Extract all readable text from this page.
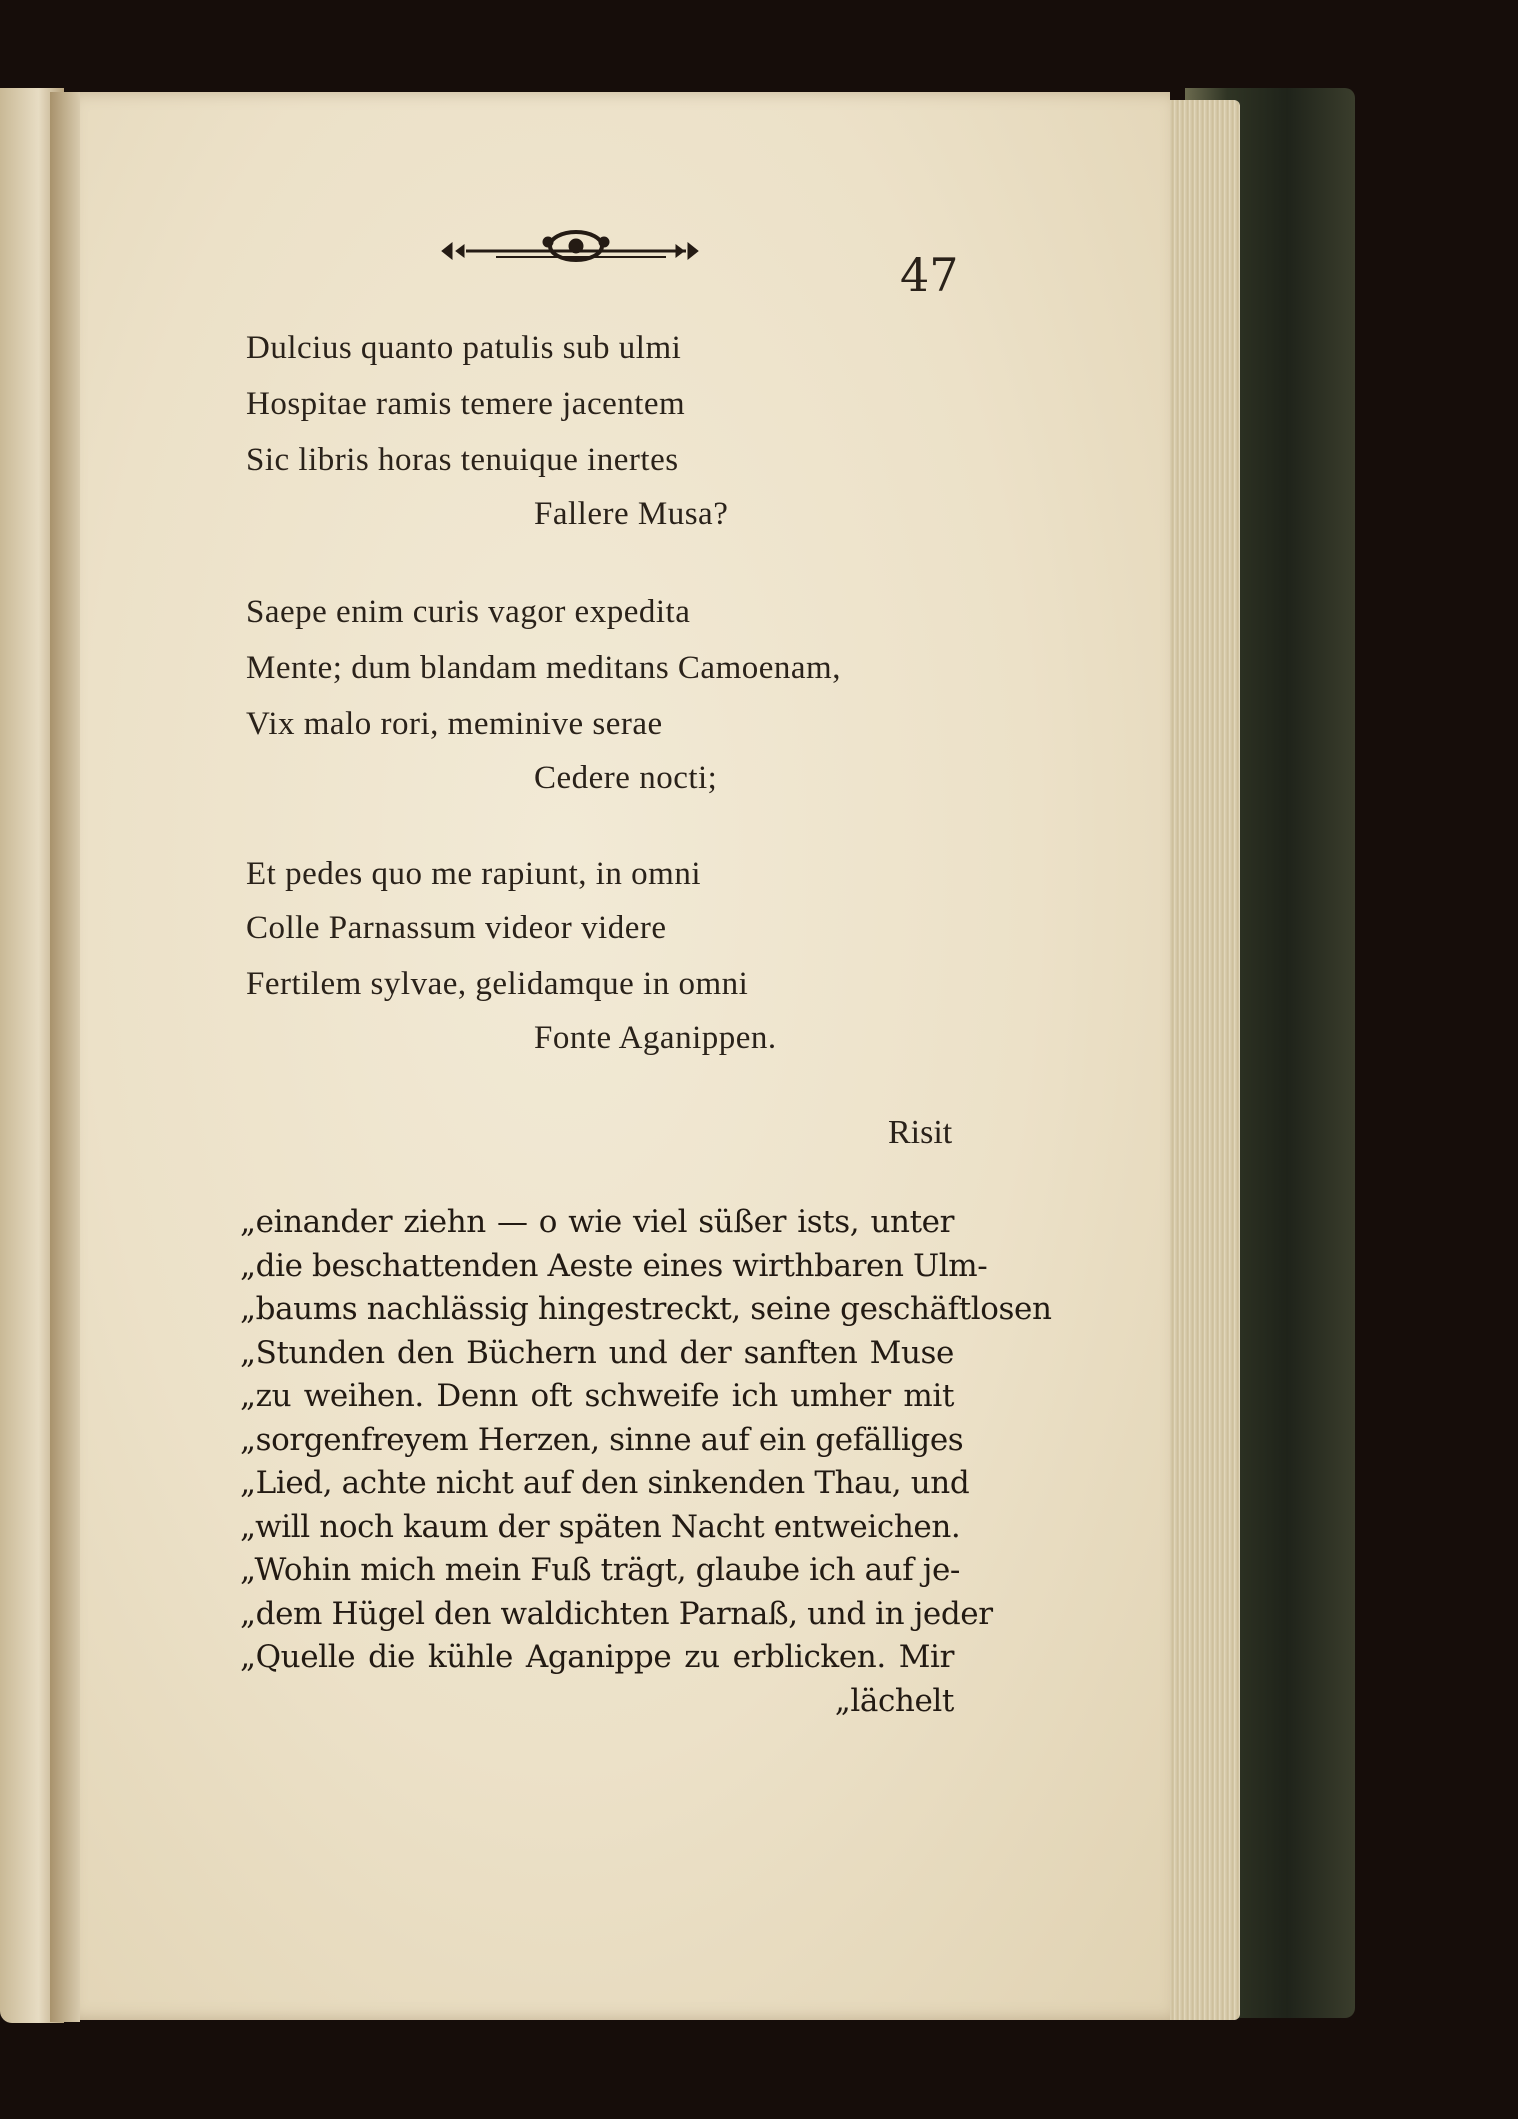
47
Dulcius quanto patulis sub ulmi
Hospitae ramis temere jacentem
Sic libris horas tenuique inertes
Fallere Musa?
Saepe enim curis vagor expedita
Mente; dum blandam meditans Camoenam,
Vix malo rori, meminive serae
Cedere nocti;
Et pedes quo me rapiunt, in omni
Colle Parnassum videor videre
Fertilem sylvae, gelidamque in omni
Fonte Aganippen.
Risit
„einander ziehn — o wie viel süßer ists, unter
„die beschattenden Aeste eines wirthbaren Ulm-
„baums nachlässig hingestreckt, seine geschäftlosen
„Stunden den Büchern und der sanften Muse
„zu weihen. Denn oft schweife ich umher mit
„sorgenfreyem Herzen, sinne auf ein gefälliges
„Lied, achte nicht auf den sinkenden Thau, und
„will noch kaum der späten Nacht entweichen.
„Wohin mich mein Fuß trägt, glaube ich auf je-
„dem Hügel den waldichten Parnaß, und in jeder
„Quelle die kühle Aganippe zu erblicken. Mir
„lächelt
